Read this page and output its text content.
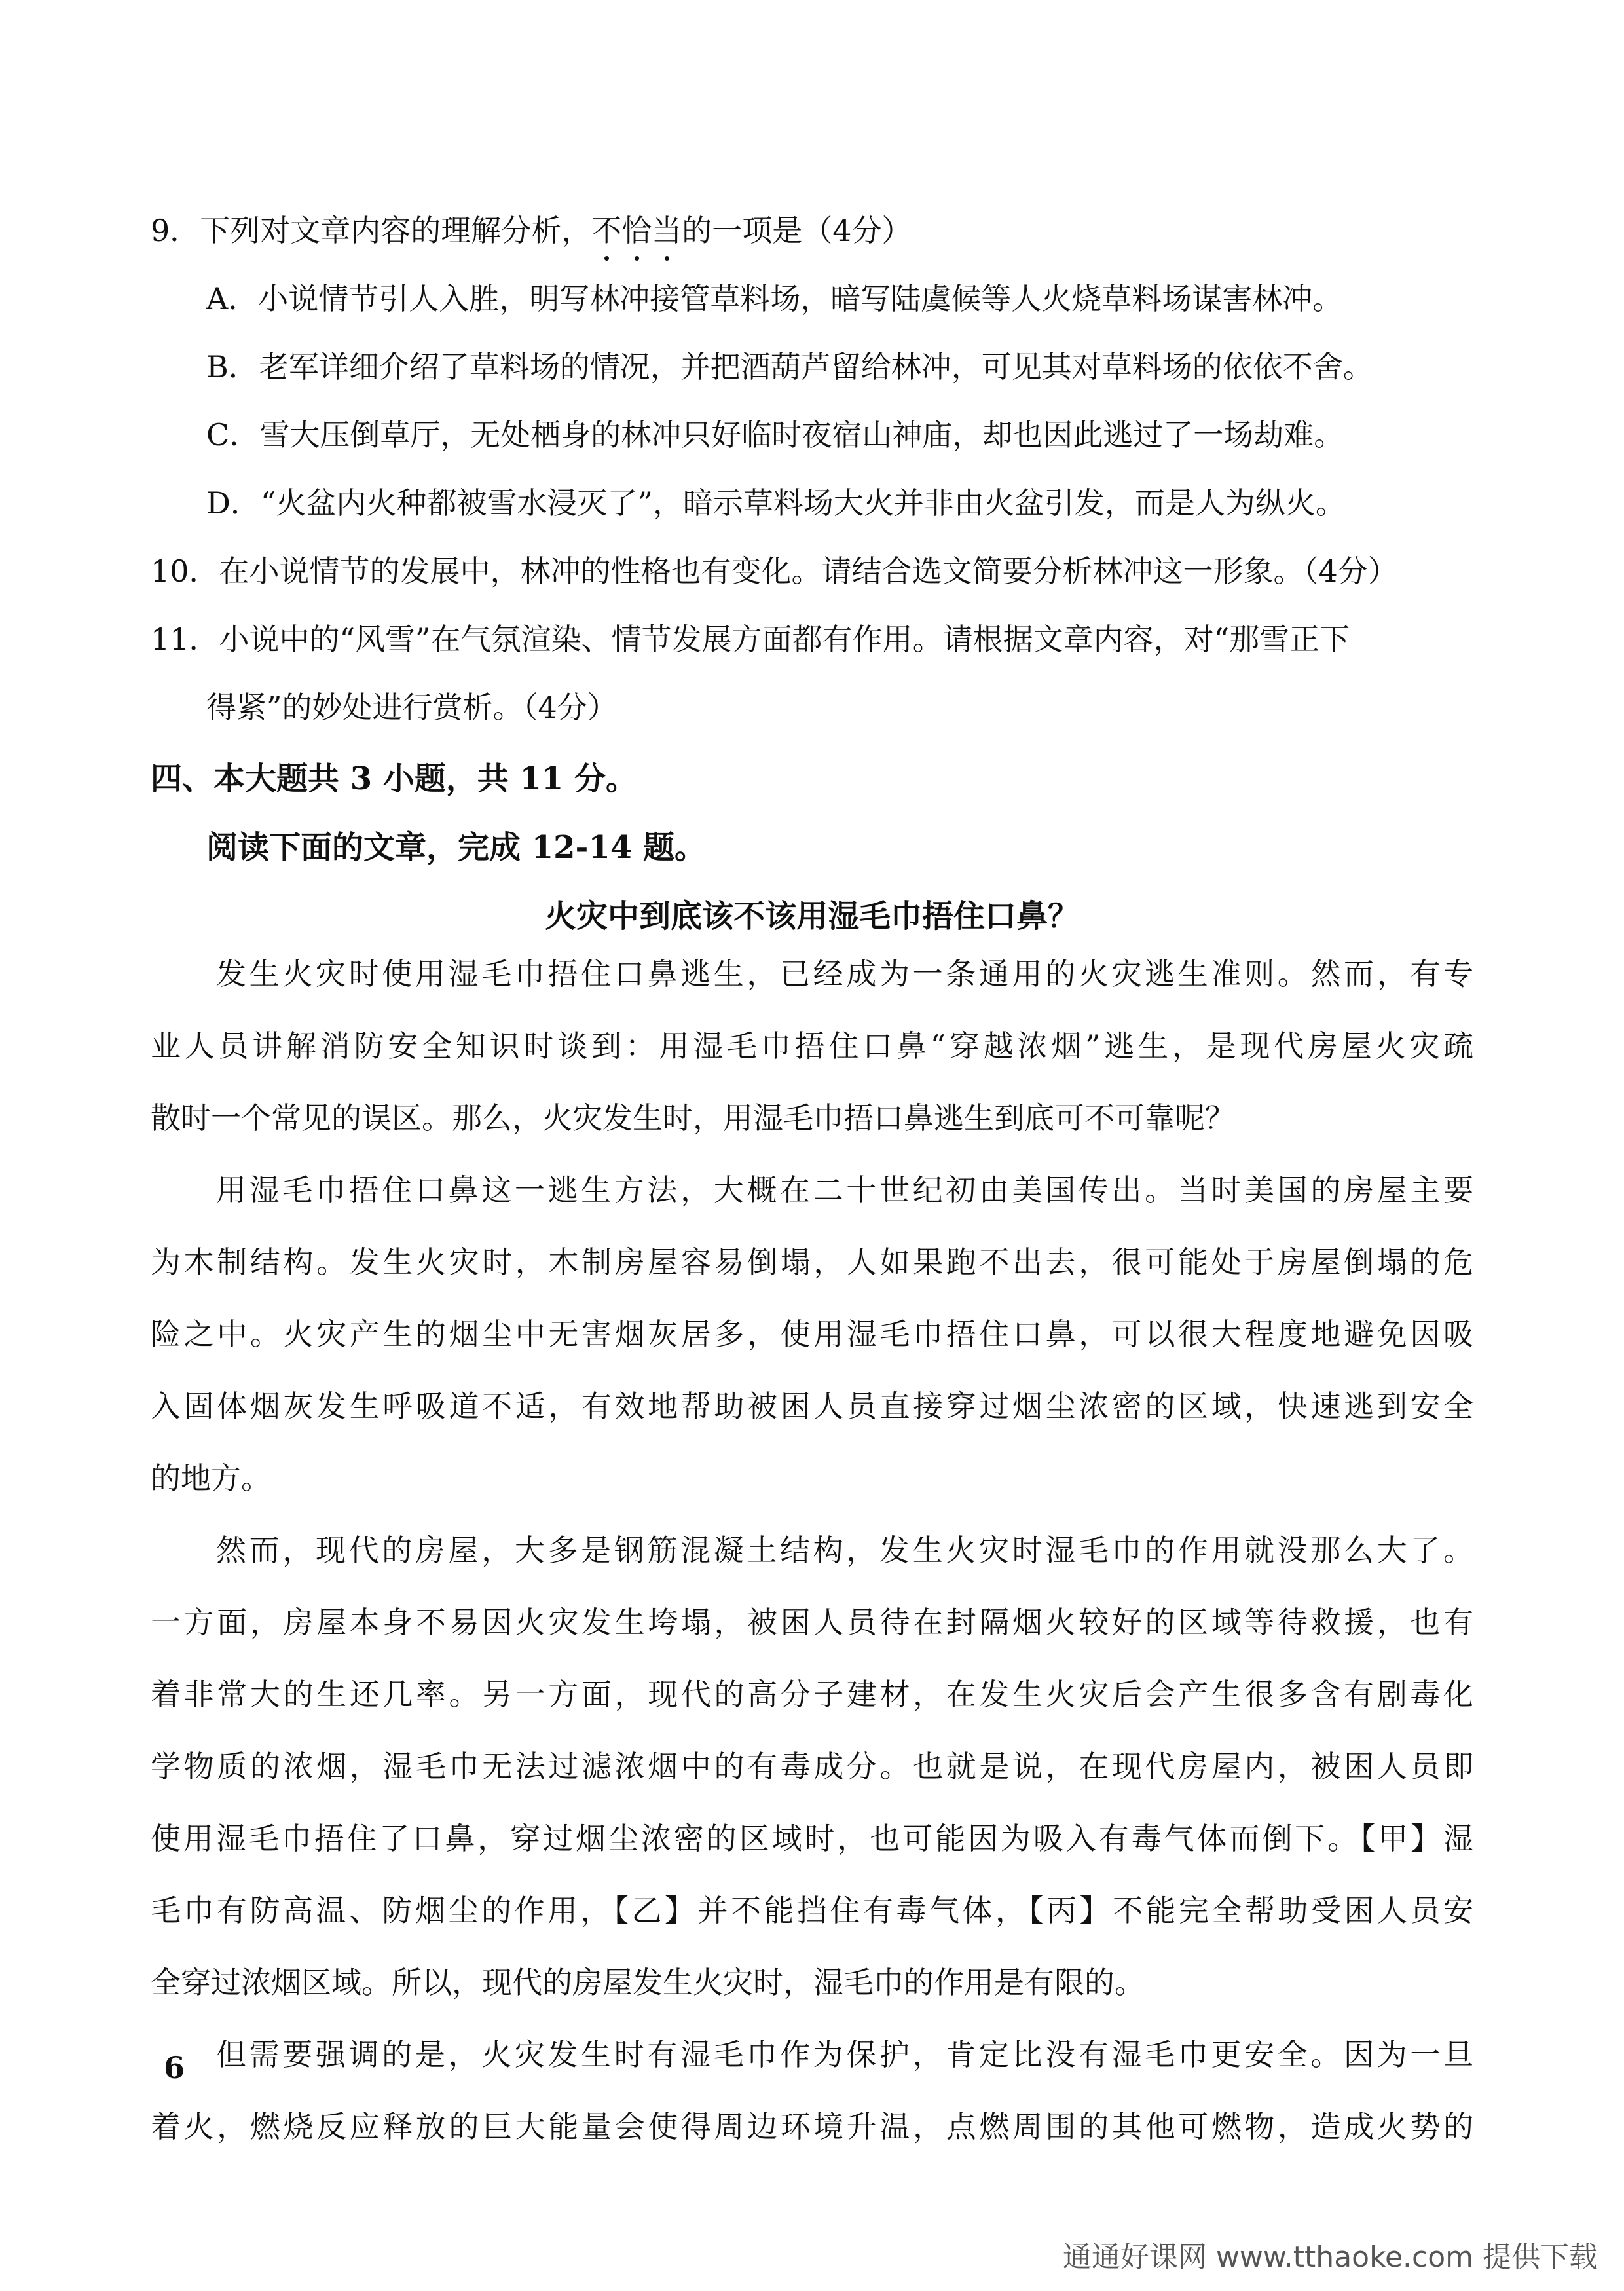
9．下列对文章内容的理解分析，不恰当的一项是（4分）
A．小说情节引人入胜，明写林冲接管草料场，暗写陆虞候等人火烧草料场谋害林冲。
B．老军详细介绍了草料场的情况，并把酒葫芦留给林冲，可见其对草料场的依依不舍。
C．雪大压倒草厅，无处栖身的林冲只好临时夜宿山神庙，却也因此逃过了一场劫难。
D．“火盆内火种都被雪水浸灭了”，暗示草料场大火并非由火盆引发，而是人为纵火。
10．在小说情节的发展中，林冲的性格也有变化。请结合选文简要分析林冲这一形象。（4分）
11．小说中的“风雪”在气氛渲染、情节发展方面都有作用。请根据文章内容，对“那雪正下
得紧”的妙处进行赏析。（4分）
四、本大题共 3 小题，共 11 分。
阅读下面的文章，完成 12-14 题。
火灾中到底该不该用湿毛巾捂住口鼻？
发生火灾时使用湿毛巾捂住口鼻逃生，已经成为一条通用的火灾逃生准则。然而，有专
业人员讲解消防安全知识时谈到：用湿毛巾捂住口鼻“穿越浓烟”逃生，是现代房屋火灾疏
散时一个常见的误区。那么，火灾发生时，用湿毛巾捂口鼻逃生到底可不可靠呢？
用湿毛巾捂住口鼻这一逃生方法，大概在二十世纪初由美国传出。当时美国的房屋主要
为木制结构。发生火灾时，木制房屋容易倒塌，人如果跑不出去，很可能处于房屋倒塌的危
险之中。火灾产生的烟尘中无害烟灰居多，使用湿毛巾捂住口鼻，可以很大程度地避免因吸
入固体烟灰发生呼吸道不适，有效地帮助被困人员直接穿过烟尘浓密的区域，快速逃到安全
的地方。
然而，现代的房屋，大多是钢筋混凝土结构，发生火灾时湿毛巾的作用就没那么大了。
一方面，房屋本身不易因火灾发生垮塌，被困人员待在封隔烟火较好的区域等待救援，也有
着非常大的生还几率。另一方面，现代的高分子建材，在发生火灾后会产生很多含有剧毒化
学物质的浓烟，湿毛巾无法过滤浓烟中的有毒成分。也就是说，在现代房屋内，被困人员即
使用湿毛巾捂住了口鼻，穿过烟尘浓密的区域时，也可能因为吸入有毒气体而倒下。【甲】湿
毛巾有防高温、防烟尘的作用，【乙】并不能挡住有毒气体，【丙】不能完全帮助受困人员安
全穿过浓烟区域。所以，现代的房屋发生火灾时，湿毛巾的作用是有限的。
但需要强调的是，火灾发生时有湿毛巾作为保护，肯定比没有湿毛巾更安全。因为一旦
着火，燃烧反应释放的巨大能量会使得周边环境升温，点燃周围的其他可燃物，造成火势的
6
通通好课网 www.tthaoke.com 提供下载
